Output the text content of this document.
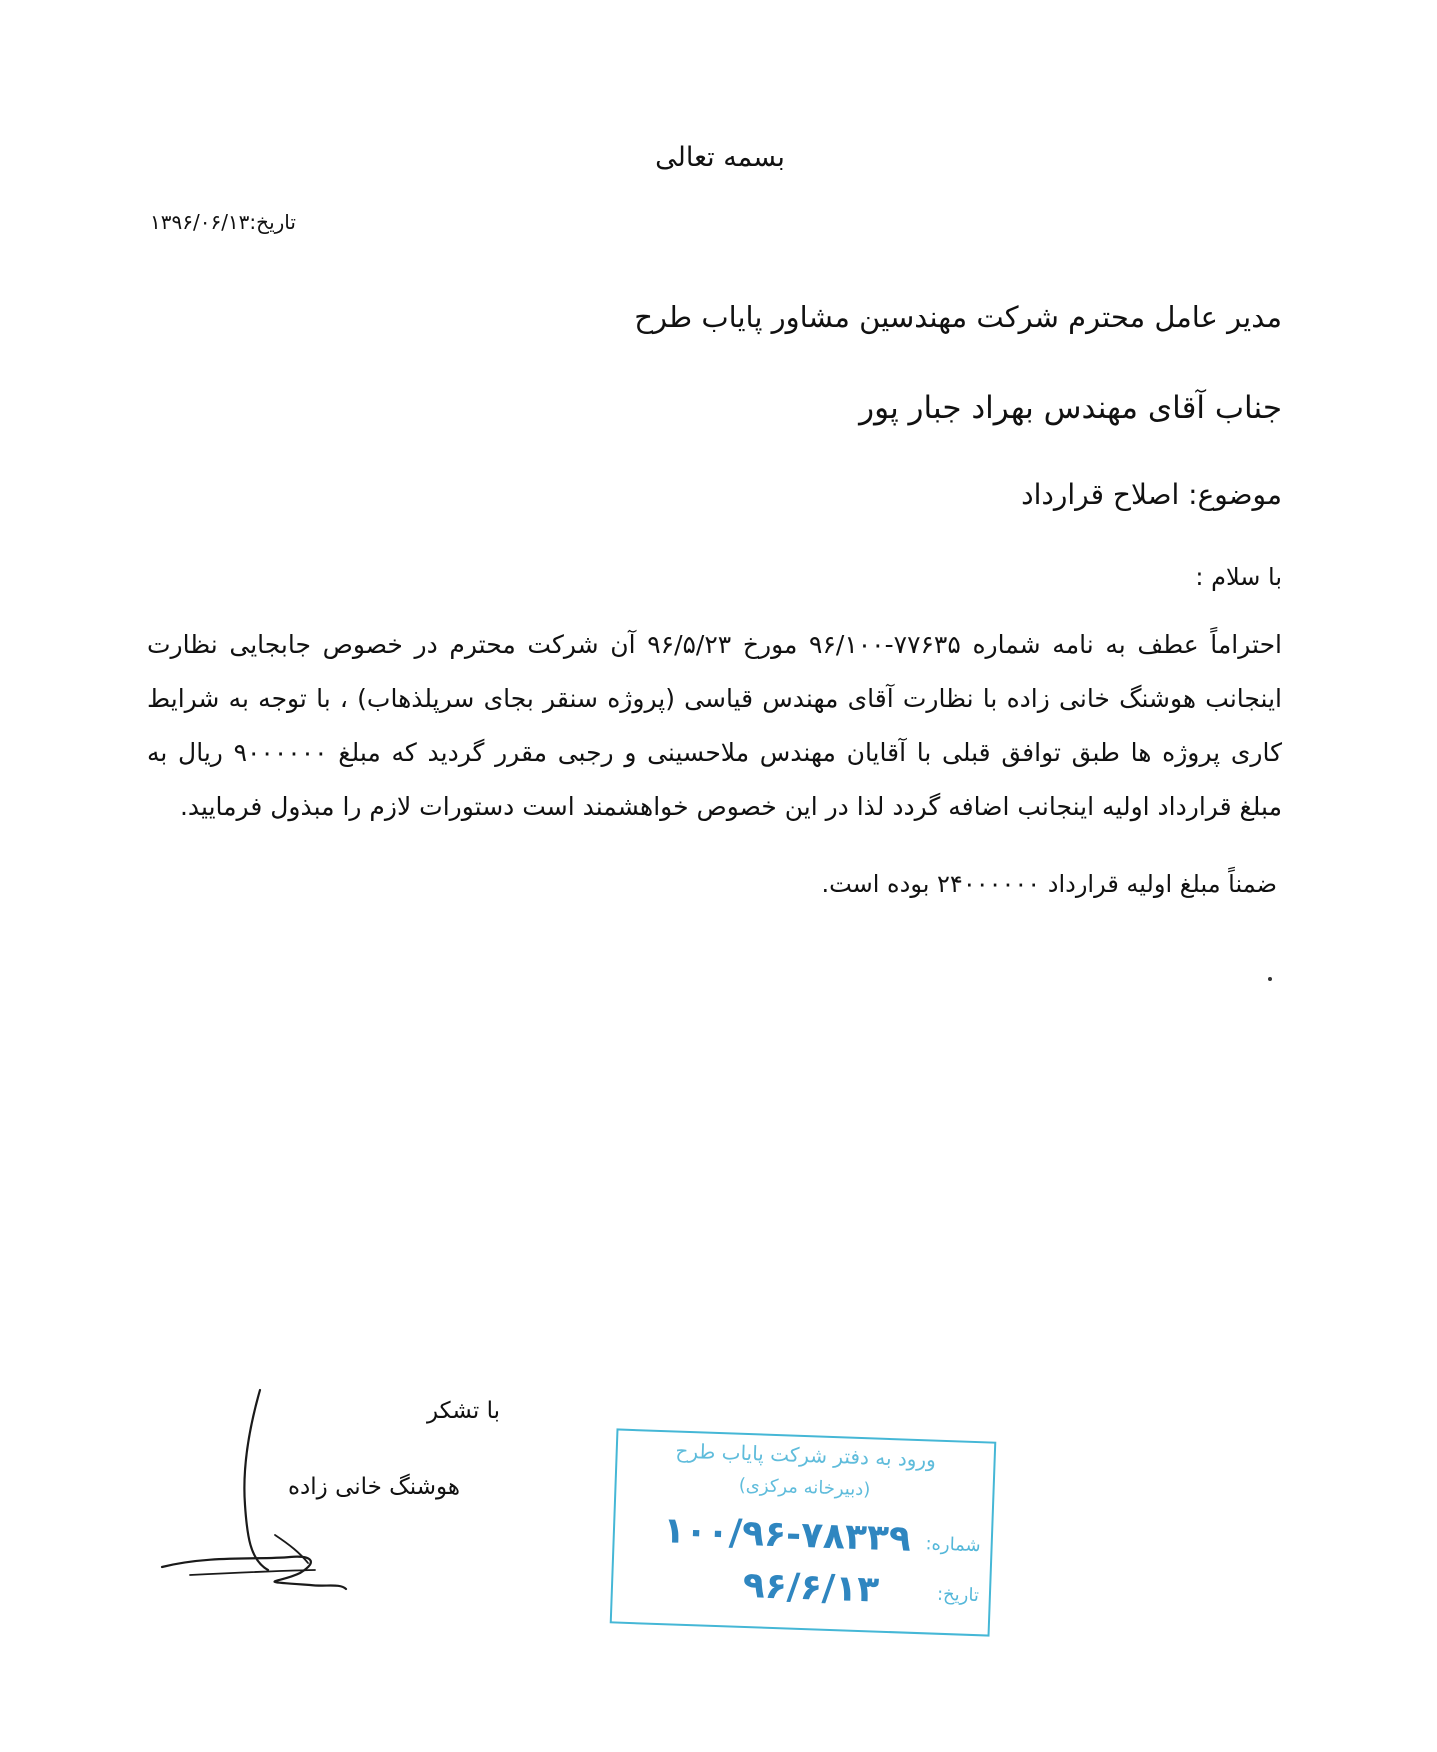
بسمه تعالی
تاریخ:۱۳۹۶/۰۶/۱۳
مدیر عامل محترم شرکت مهندسین مشاور پایاب طرح
جناب آقای مهندس بهراد جبار پور
موضوع: اصلاح قرارداد
با سلام :
احتراماً عطف به نامه شماره ۷۷۶۳۵-۹۶/۱۰۰ مورخ ۹۶/۵/۲۳ آن شرکت محترم در خصوص جابجایی نظارت اینجانب هوشنگ خانی زاده با نظارت آقای مهندس قیاسی (پروژه سنقر بجای سرپلذهاب) ، با توجه به شرایط کاری پروژه ها طبق توافق قبلی با آقایان مهندس ملاحسینی و رجبی مقرر گردید که مبلغ ۹۰۰۰۰۰۰ ریال به مبلغ قرارداد اولیه اینجانب اضافه گردد لذا در این خصوص خواهشمند است دستورات لازم را مبذول فرمایید.
ضمناً مبلغ اولیه قرارداد ۲۴۰۰۰۰۰۰ بوده است.
با تشکر
هوشنگ خانی زاده
ورود به دفتر شرکت پایاب طرح
(دبیرخانه مرکزی)
شماره:
۱۰۰/۹۶-۷۸۳۳۹
تاریخ:
۹۶/۶/۱۳
